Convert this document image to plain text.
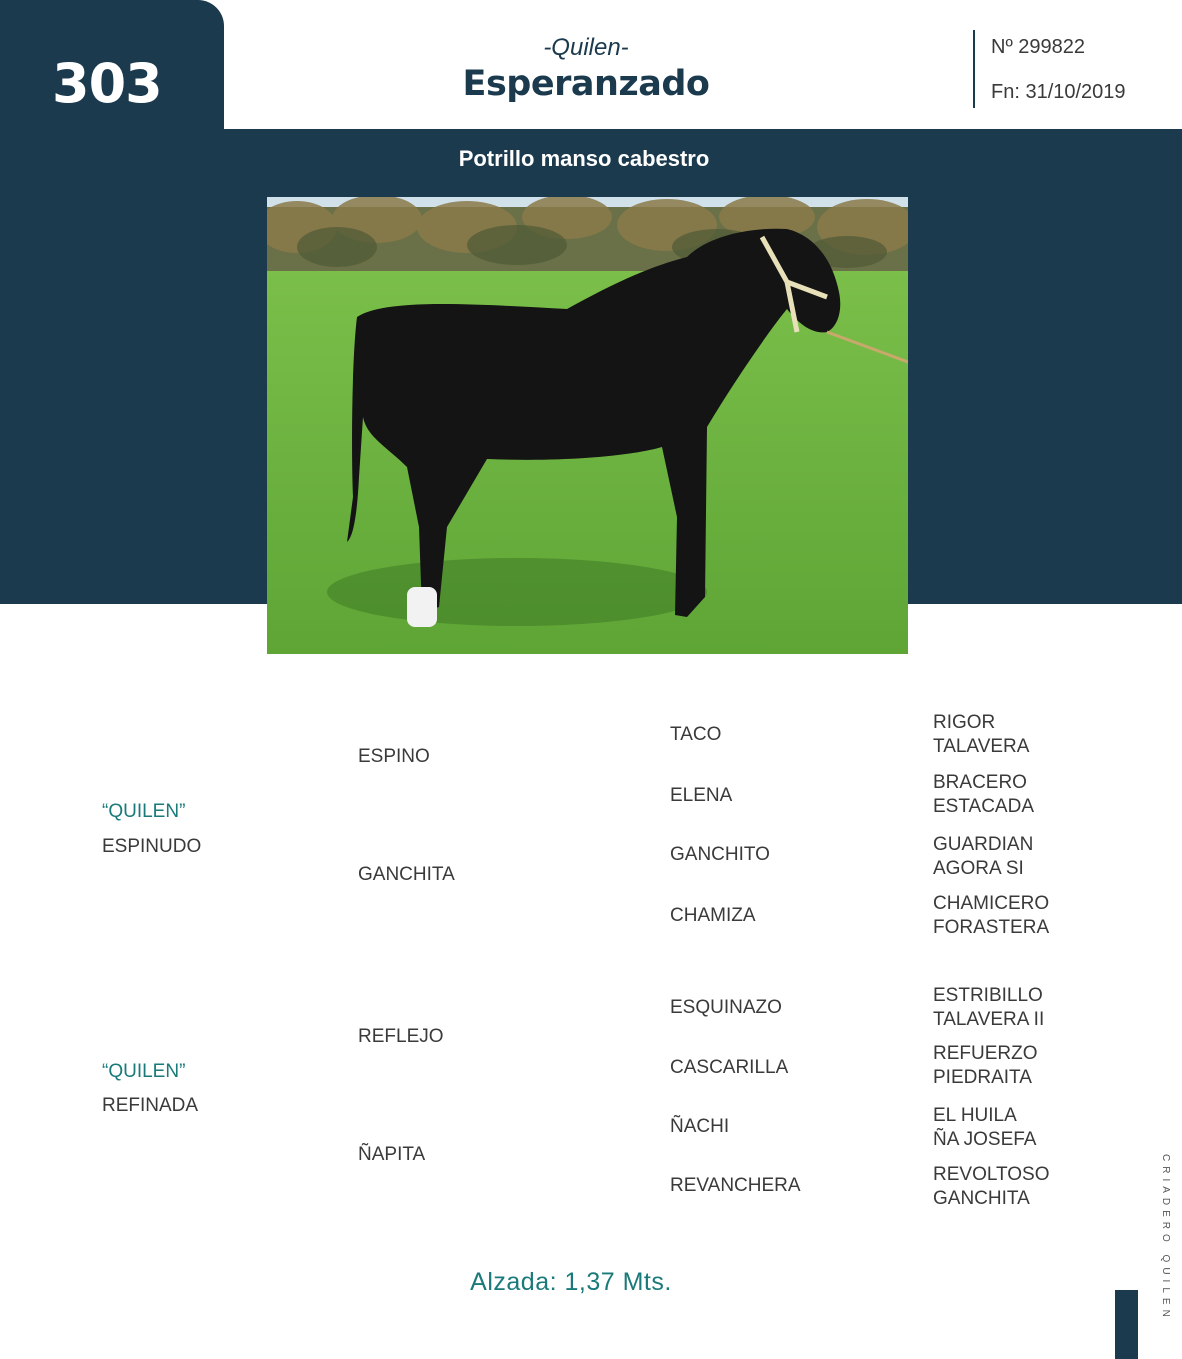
303
-Quilen-
Esperanzado
Nº 299822
Fn: 31/10/2019
Potrillo manso cabestro
“QUILEN”
ESPINUDO
“QUILEN”
REFINADA
ESPINO
GANCHITA
REFLEJO
ÑAPITA
TACO
ELENA
GANCHITO
CHAMIZA
ESQUINAZO
CASCARILLA
ÑACHI
REVANCHERA
RIGOR
TALAVERA
BRACERO
ESTACADA
GUARDIAN
AGORA SI
CHAMICERO
FORASTERA
ESTRIBILLO
TALAVERA II
REFUERZO
PIEDRAITA
EL HUILA
ÑA JOSEFA
REVOLTOSO
GANCHITA
Alzada: 1,37 Mts.	CRIADERO QUILEN
